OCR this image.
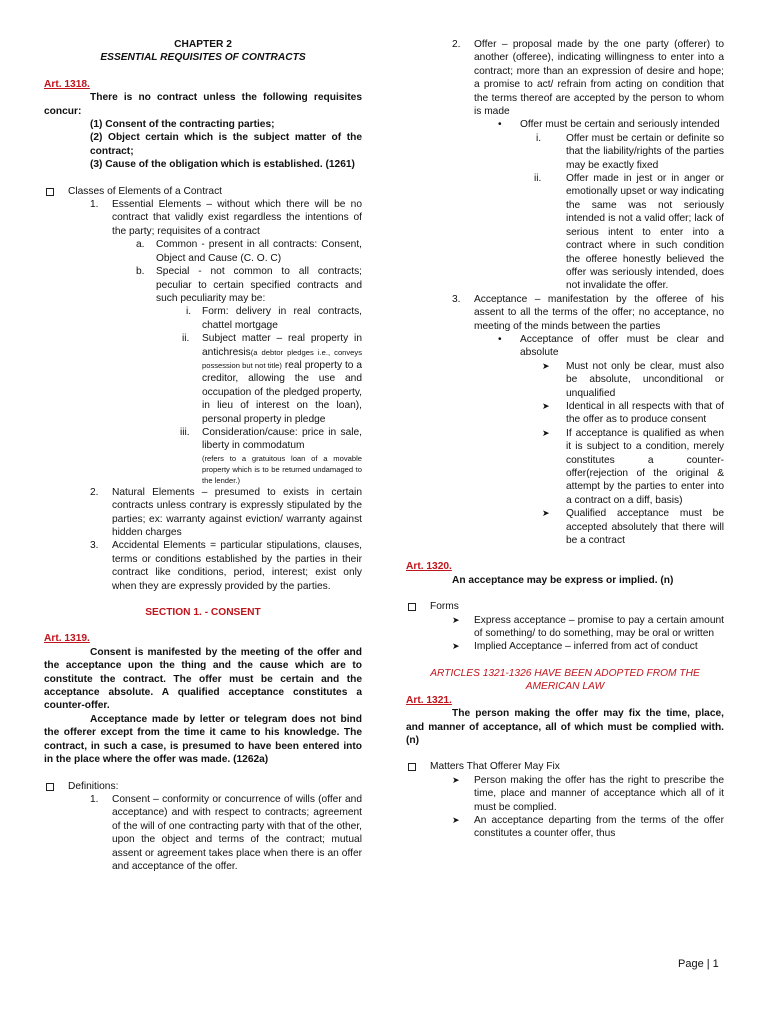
CHAPTER 2

ESSENTIAL REQUISITES OF CONTRACTS

Art. 1318.

There is no contract unless the following requisites concur:

(1) Consent of the contracting parties;

(2) Object certain which is the subject matter of the contract;

(3) Cause of the obligation which is established. (1261)

Classes of Elements of a Contract
1. Essential Elements – without which there will be no contract that validly exist regardless the intentions of the party; requisites of a contract
a. Common - present in all contracts: Consent, Object and Cause (C. O. C)
b. Special - not common to all contracts; peculiar to certain specified contracts and such peculiarity may be:
i. Form: delivery in real contracts, chattel mortgage
ii. Subject matter – real property in antichresis(a debtor pledges i.e., conveys possession but not title) real property to a creditor, allowing the use and occupation of the pledged property, in lieu of interest on the loan), personal property in pledge
iii. Consideration/cause: price in sale, liberty in commodatum

(refers to a gratuitous loan of a movable property which is to be returned undamaged to the lender.)

2. Natural Elements – presumed to exists in certain contracts unless contrary is expressly stipulated by the parties; ex: warranty against eviction/ warranty against hidden charges
3. Accidental Elements = particular stipulations, clauses, terms or conditions established by the parties in their contract like conditions, period, interest; exist only when they are expressly provided by the parties.

SECTION 1. - CONSENT

Art. 1319.

Consent is manifested by the meeting of the offer and the acceptance upon the thing and the cause which are to constitute the contract. The offer must be certain and the acceptance absolute. A qualified acceptance constitutes a counter-offer.

Acceptance made by letter or telegram does not bind the offerer except from the time it came to his knowledge. The contract, in such a case, is presumed to have been entered into in the place where the offer was made. (1262a)

Definitions:
1. Consent – conformity or concurrence of wills (offer and acceptance) and with respect to contracts; agreement of the will of one contracting party with that of the other, upon the object and terms of the contract; mutual assent or agreement takes place when there is an offer and acceptance of the offer.
2. Offer – proposal made by the one party (offerer) to another (offeree), indicating willingness to enter into a contract; more than an expression of desire and hope; a promise to act/ refrain from acting on condition that the terms thereof are accepted by the person to whom is made
• Offer must be certain and seriously intended
i. Offer must be certain or definite so that the liability/rights of the parties may be exactly fixed
ii. Offer made in jest or in anger or emotionally upset or way indicating the same was not seriously intended is not a valid offer; lack of serious intent to enter into a contract where in such condition the offeree honestly believed the offer was seriously intended, does not invalidate the offer.
3. Acceptance – manifestation by the offeree of his assent to all the terms of the offer; no acceptance, no meeting of the minds between the parties
• Acceptance of offer must be clear and absolute
➤ Must not only be clear, must also be absolute, unconditional or unqualified
➤ Identical in all respects with that of the offer as to produce consent
➤ If acceptance is qualified as when it is subject to a condition, merely constitutes a counter-offer(rejection of the original & attempt by the parties to enter into a contract on a diff, basis)
➤ Qualified acceptance must be accepted absolutely that there will be a contract

Art. 1320.

An acceptance may be express or implied. (n)

Forms
➤ Express acceptance – promise to pay a certain amount of something/ to do something, may be oral or written
➤ Implied Acceptance – inferred from act of conduct

ARTICLES 1321-1326 HAVE BEEN ADOPTED FROM THE AMERICAN LAW

Art. 1321.

The person making the offer may fix the time, place, and manner of acceptance, all of which must be complied with. (n)

Matters That Offerer May Fix
➤ Person making the offer has the right to prescribe the time, place and manner of acceptance which all of it must be complied.
➤ An acceptance departing from the terms of the offer constitutes a counter offer, thus
Page | 1
